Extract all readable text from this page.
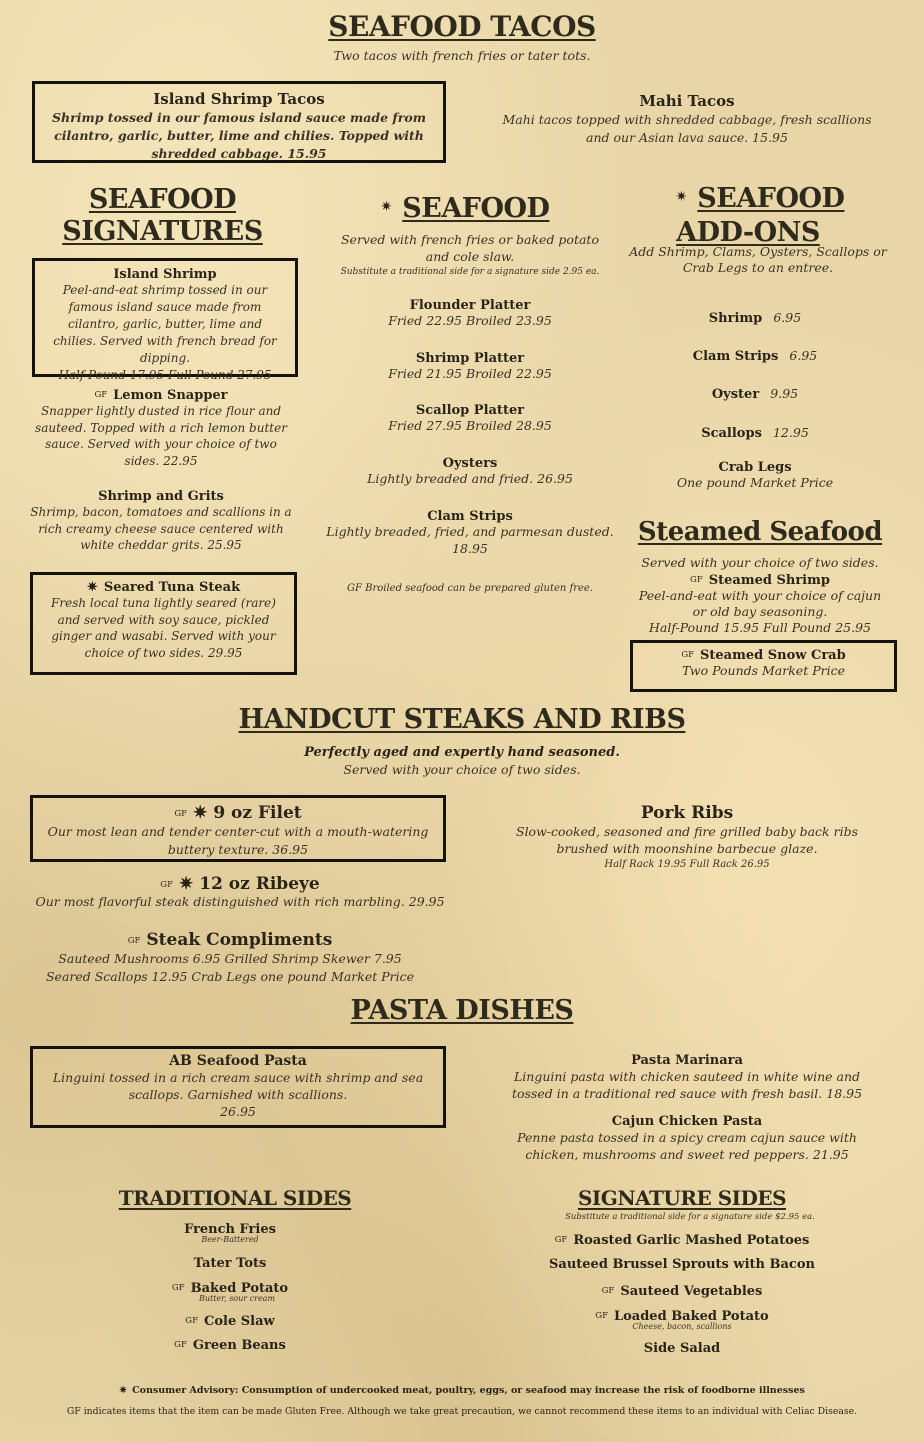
SEAFOOD TACOS
Two tacos with french fries or tater tots.
Island Shrimp Tacos
Shrimp tossed in our famous island sauce made from cilantro, garlic, butter, lime and chilies. Topped with shredded cabbage. 15.95
Mahi Tacos
Mahi tacos topped with shredded cabbage, fresh scallions and our Asian lava sauce. 15.95
SEAFOOD
SIGNATURES
Island Shrimp
Peel-and-eat shrimp tossed in our famous island sauce made from cilantro, garlic, butter, lime and chilies. Served with french bread for dipping.
Half-Pound 17.95 Full Pound 27.95
GF Lemon Snapper
Snapper lightly dusted in rice flour and sauteed. Topped with a rich lemon butter sauce. Served with your choice of two sides. 22.95
Shrimp and Grits
Shrimp, bacon, tomatoes and scallions in a rich creamy cheese sauce centered with white cheddar grits. 25.95
✷ Seared Tuna Steak
Fresh local tuna lightly seared (rare) and served with soy sauce, pickled ginger and wasabi. Served with your choice of two sides. 29.95
✷ SEAFOOD
Served with french fries or baked potato and cole slaw.
Substitute a traditional side for a signature side 2.95 ea.
Flounder Platter
Fried 22.95 Broiled 23.95
Shrimp Platter
Fried 21.95 Broiled 22.95
Scallop Platter
Fried 27.95 Broiled 28.95
Oysters
Lightly breaded and fried. 26.95
Clam Strips
Lightly breaded, fried, and parmesan dusted. 18.95
GF Broiled seafood can be prepared gluten free.
✷ SEAFOOD
ADD-ONS
Add Shrimp, Clams, Oysters, Scallops or Crab Legs to an entree.
Shrimp 6.95
Clam Strips 6.95
Oyster 9.95
Scallops 12.95
Crab Legs
One pound Market Price
Steamed Seafood
Served with your choice of two sides.
GF Steamed Shrimp
Peel-and-eat with your choice of cajun or old bay seasoning.
Half-Pound 15.95 Full Pound 25.95
GF Steamed Snow Crab
Two Pounds Market Price
HANDCUT STEAKS AND RIBS
Perfectly aged and expertly hand seasoned.
Served with your choice of two sides.
GF ✷ 9 oz Filet
Our most lean and tender center-cut with a mouth-watering buttery texture. 36.95
GF ✷ 12 oz Ribeye
Our most flavorful steak distinguished with rich marbling. 29.95
GF Steak Compliments
Sauteed Mushrooms 6.95 Grilled Shrimp Skewer 7.95
Seared Scallops 12.95 Crab Legs one pound Market Price
Pork Ribs
Slow-cooked, seasoned and fire grilled baby back ribs brushed with moonshine barbecue glaze.
Half Rack 19.95 Full Rack 26.95
PASTA DISHES
AB Seafood Pasta
Linguini tossed in a rich cream sauce with shrimp and sea scallops. Garnished with scallions.
26.95
Pasta Marinara
Linguini pasta with chicken sauteed in white wine and tossed in a traditional red sauce with fresh basil. 18.95
Cajun Chicken Pasta
Penne pasta tossed in a spicy cream cajun sauce with chicken, mushrooms and sweet red peppers. 21.95
TRADITIONAL SIDES
French Fries
Beer-Battered
Tater Tots
GF Baked Potato
Butter, sour cream
GF Cole Slaw
GF Green Beans
SIGNATURE SIDES
Substitute a traditional side for a signature side $2.95 ea.
GF Roasted Garlic Mashed Potatoes
Sauteed Brussel Sprouts with Bacon
GF Sauteed Vegetables
GF Loaded Baked Potato
Cheese, bacon, scallions
Side Salad
✷ Consumer Advisory: Consumption of undercooked meat, poultry, eggs, or seafood may increase the risk of foodborne illnesses
GF indicates items that the item can be made Gluten Free. Although we take great precaution, we cannot recommend these items to an individual with Celiac Disease.
